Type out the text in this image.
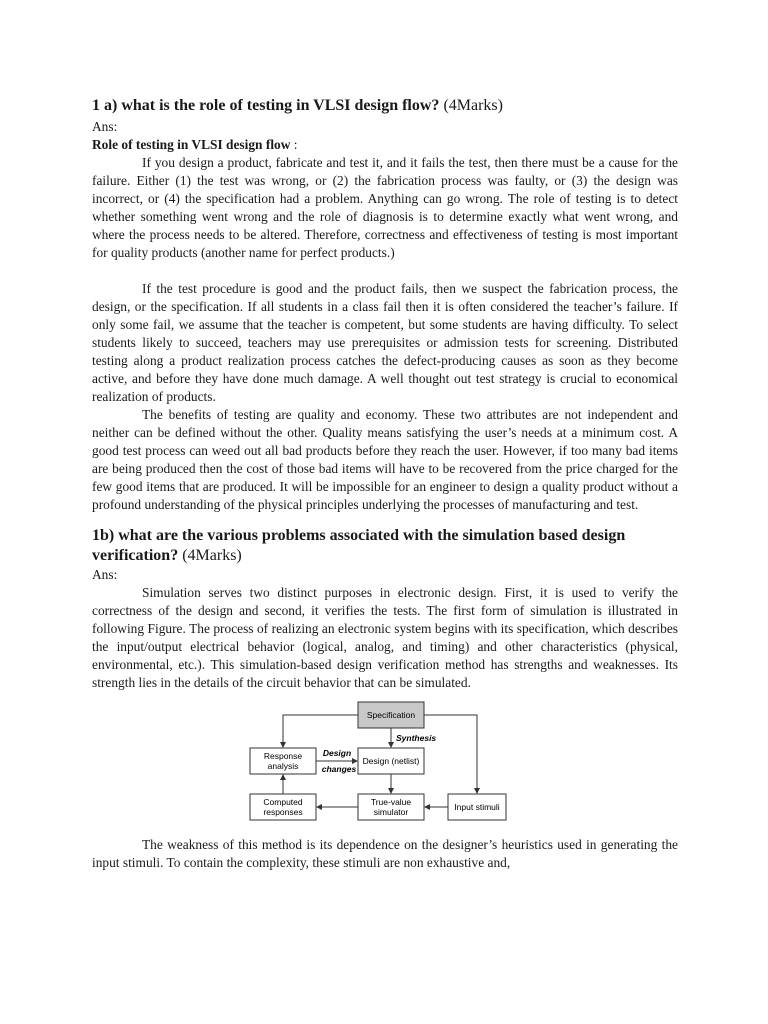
1 a) what is the role of testing in VLSI design flow? (4Marks)

Ans:

Role of testing in VLSI design flow :

If you design a product, fabricate and test it, and it fails the test, then there must be a cause for the failure. Either (1) the test was wrong, or (2) the fabrication process was faulty, or (3) the design was incorrect, or (4) the specification had a problem. Anything can go wrong. The role of testing is to detect whether something went wrong and the role of diagnosis is to determine exactly what went wrong, and where the process needs to be altered. Therefore, correctness and effectiveness of testing is most important for quality products (another name for perfect products.)

If the test procedure is good and the product fails, then we suspect the fabrication process, the design, or the specification. If all students in a class fail then it is often considered the teacher’s failure. If only some fail, we assume that the teacher is competent, but some students are having difficulty. To select students likely to succeed, teachers may use prerequisites or admission tests for screening. Distributed testing along a product realization process catches the defect-producing causes as soon as they become active, and before they have done much damage. A well thought out test strategy is crucial to economical realization of products.

The benefits of testing are quality and economy. These two attributes are not independent and neither can be defined without the other. Quality means satisfying the user’s needs at a minimum cost. A good test process can weed out all bad products before they reach the user. However, if too many bad items are being produced then the cost of those bad items will have to be recovered from the price charged for the few good items that are produced. It will be impossible for an engineer to design a quality product without a profound understanding of the physical principles underlying the processes of manufacturing and test.

1b) what are the various problems associated with the simulation based design verification? (4Marks)

Ans:

Simulation serves two distinct purposes in electronic design. First, it is used to verify the correctness of the design and second, it verifies the tests. The first form of simulation is illustrated in following Figure. The process of realizing an electronic system begins with its specification, which describes the input/output electrical behavior (logical, analog, and timing) and other characteristics (physical, environmental, etc.). This simulation-based design verification method has strengths and weaknesses. Its strength lies in the details of the circuit behavior that can be simulated.

Specification
Design (netlist)
Response
analysis
Computed
responses
True-value
simulator	Input stimuli
Synthesis
Design
changes

The weakness of this method is its dependence on the designer’s heuristics used in generating the input stimuli. To contain the complexity, these stimuli are non exhaustive and,
